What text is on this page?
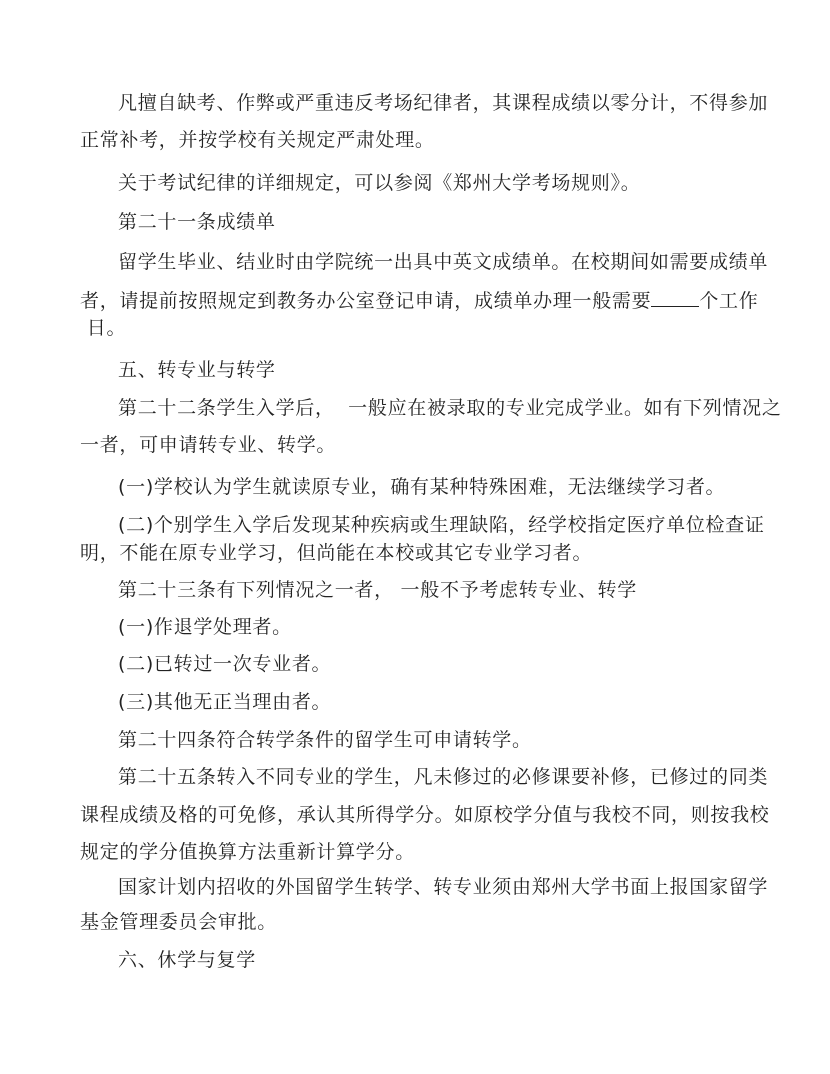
凡擅自缺考、作弊或严重违反考场纪律者，其课程成绩以零分计，不得参加
正常补考，并按学校有关规定严肃处理。
关于考试纪律的详细规定，可以参阅《郑州大学考场规则》。
第二十一条成绩单
留学生毕业、结业时由学院统一出具中英文成绩单。在校期间如需要成绩单
者，请提前按照规定到教务办公室登记申请，成绩单办理一般需要	个工作
日。
五、转专业与转学
第二十二条学生入学后，  一般应在被录取的专业完成学业。如有下列情况之
一者，可申请转专业、转学。
(一)学校认为学生就读原专业，确有某种特殊困难，无法继续学习者。
(二)个别学生入学后发现某种疾病或生理缺陷，经学校指定医疗单位检查证
明，不能在原专业学习，但尚能在本校或其它专业学习者。
第二十三条有下列情况之一者， 一般不予考虑转专业、转学
(一)作退学处理者。
(二)已转过一次专业者。
(三)其他无正当理由者。
第二十四条符合转学条件的留学生可申请转学。
第二十五条转入不同专业的学生，凡未修过的必修课要补修，已修过的同类
课程成绩及格的可免修，承认其所得学分。如原校学分值与我校不同，则按我校
规定的学分值换算方法重新计算学分。
国家计划内招收的外国留学生转学、转专业须由郑州大学书面上报国家留学
基金管理委员会审批。
六、休学与复学
